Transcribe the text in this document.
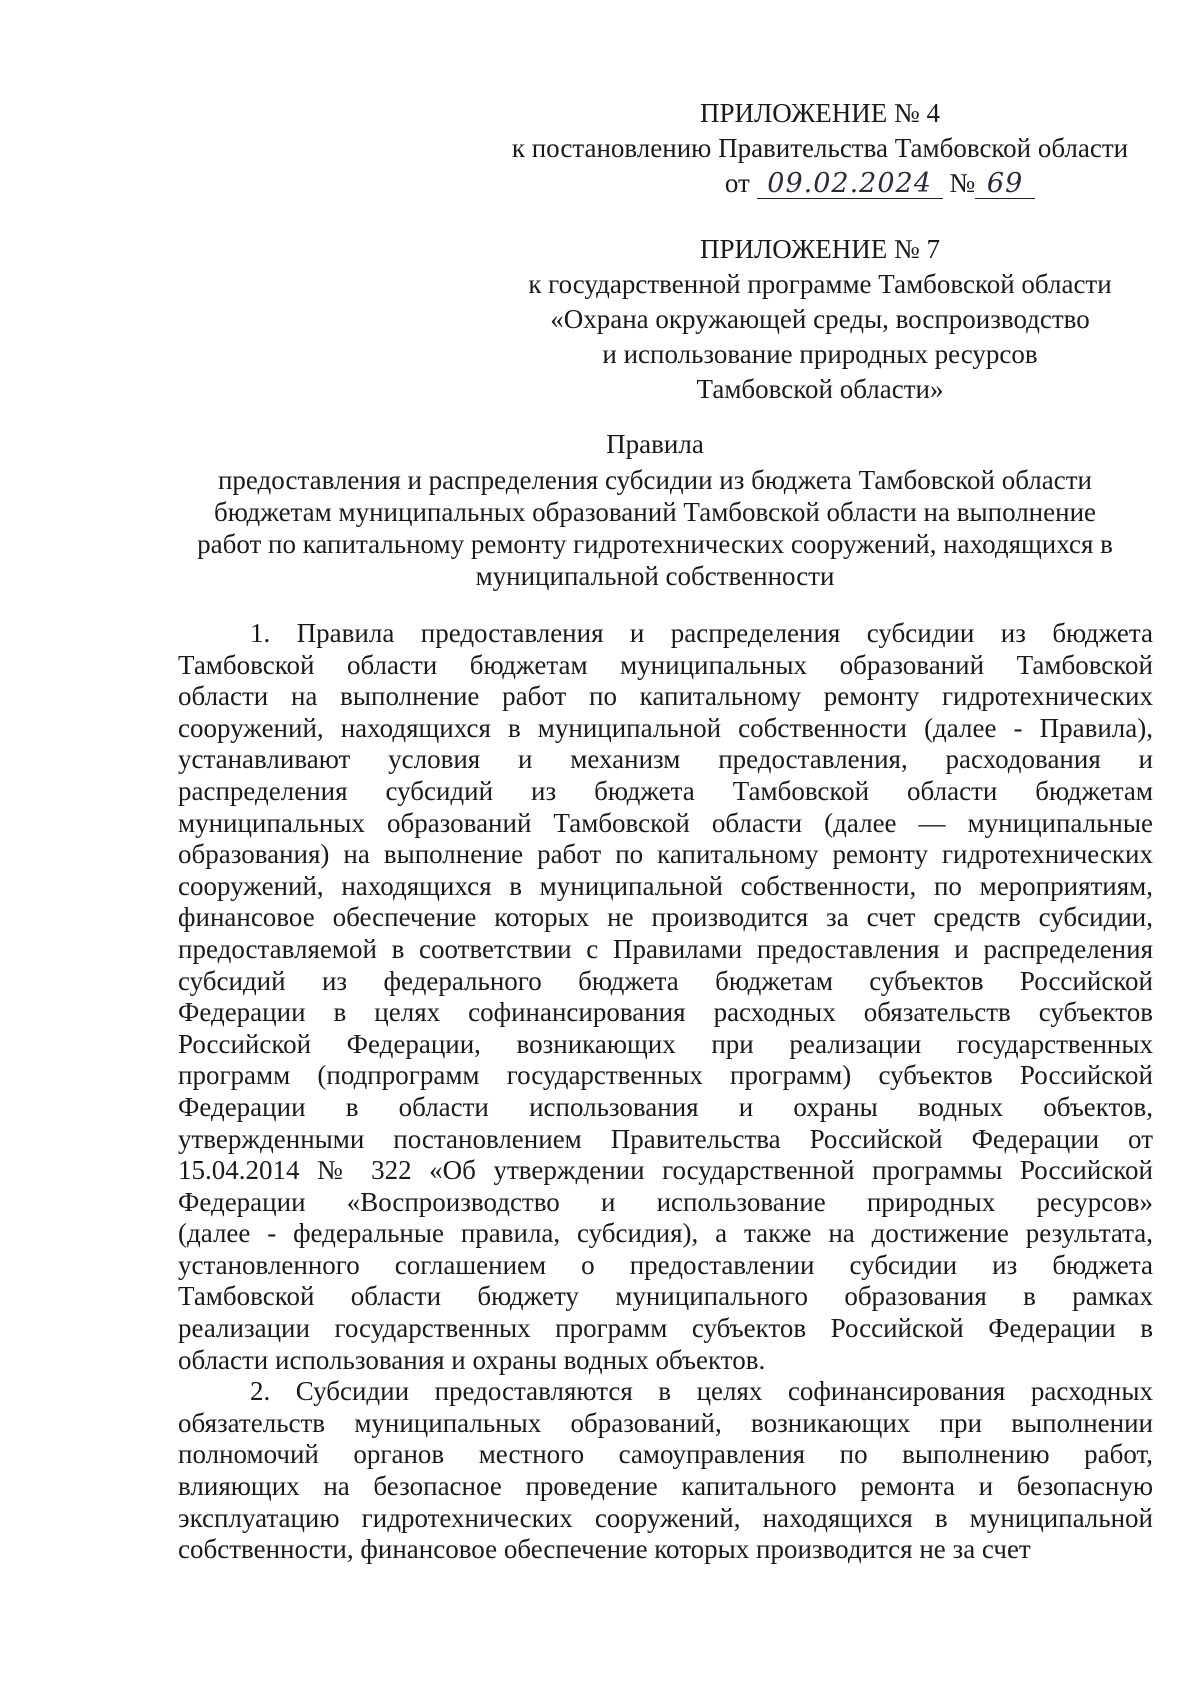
ПРИЛОЖЕНИЕ № 4
к постановлению Правительства Тамбовской области
от 09.02.2024 № 69
ПРИЛОЖЕНИЕ № 7
к государственной программе Тамбовской области
«Охрана окружающей среды, воспроизводство
и использование природных ресурсов
Тамбовской области»
Правила
предоставления и распределения субсидии из бюджета Тамбовской области
бюджетам муниципальных образований Тамбовской области на выполнение
работ по капитальному ремонту гидротехнических сооружений, находящихся в
муниципальной собственности

1. Правила предоставления и распределения субсидии из бюджета
Тамбовской области бюджетам муниципальных образований Тамбовской
области на выполнение работ по капитальному ремонту гидротехнических
сооружений, находящихся в муниципальной собственности (далее - Правила),
устанавливают условия и механизм предоставления, расходования и
распределения субсидий из бюджета Тамбовской области бюджетам
муниципальных образований Тамбовской области (далее — муниципальные
образования) на выполнение работ по капитальному ремонту гидротехнических
сооружений, находящихся в муниципальной собственности, по мероприятиям,
финансовое обеспечение которых не производится за счет средств субсидии,
предоставляемой в соответствии с Правилами предоставления и распределения
субсидий из федерального бюджета бюджетам субъектов Российской
Федерации в целях софинансирования расходных обязательств субъектов
Российской Федерации, возникающих при реализации государственных
программ (подпрограмм государственных программ) субъектов Российской
Федерации в области использования и охраны водных объектов,
утвержденными постановлением Правительства Российской Федерации от
15.04.2014 № 322 «Об утверждении государственной программы Российской
Федерации «Воспроизводство и использование природных ресурсов»
(далее - федеральные правила, субсидия), а также на достижение результата,
установленного соглашением о предоставлении субсидии из бюджета
Тамбовской области бюджету муниципального образования в рамках
реализации государственных программ субъектов Российской Федерации в
области использования и охраны водных объектов.

2. Субсидии предоставляются в целях софинансирования расходных
обязательств муниципальных образований, возникающих при выполнении
полномочий органов местного самоуправления по выполнению работ,
влияющих на безопасное проведение капитального ремонта и безопасную
эксплуатацию гидротехнических сооружений, находящихся в муниципальной
собственности, финансовое обеспечение которых производится не за счет
